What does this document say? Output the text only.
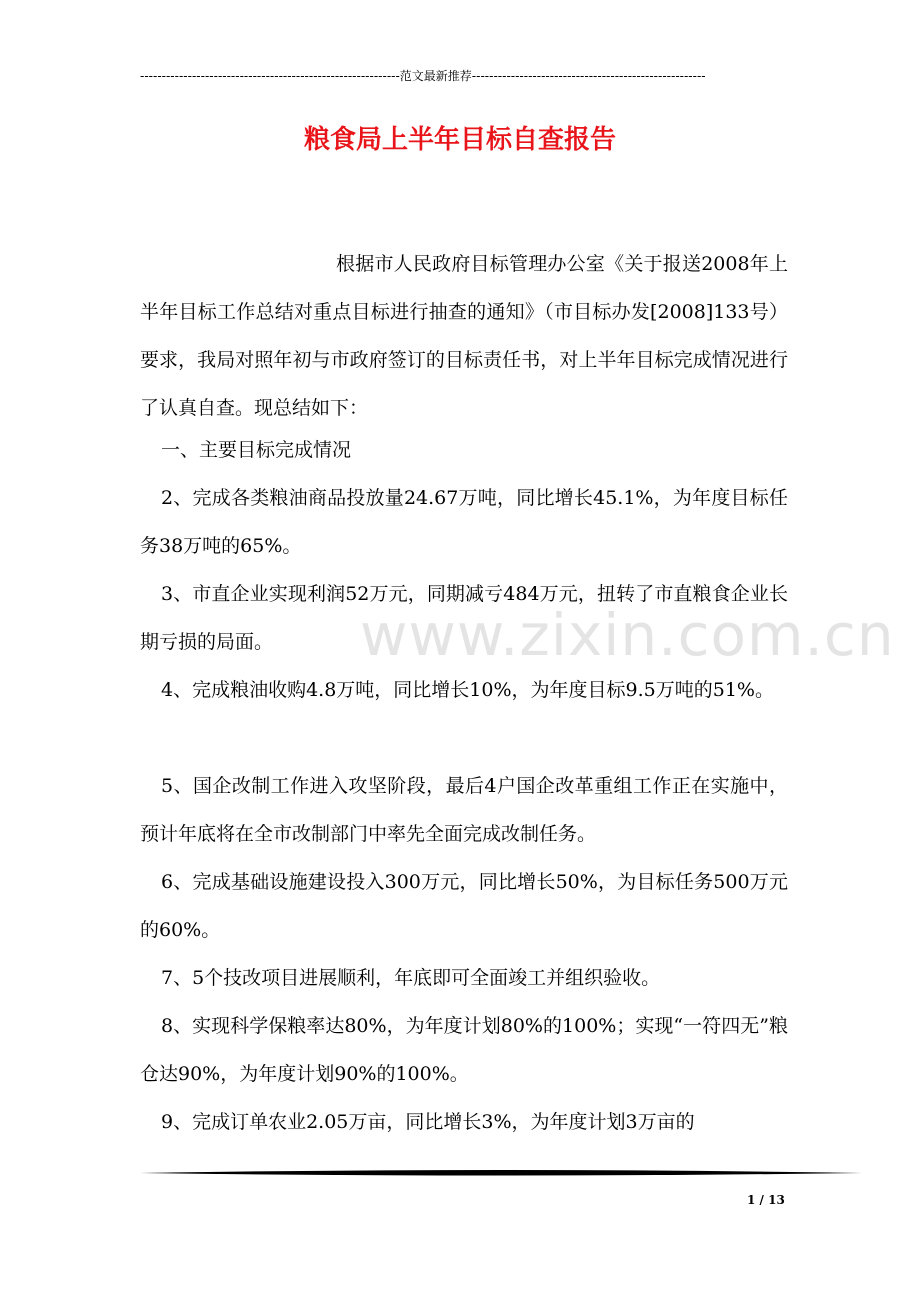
------------------------------------------------------------范文最新推荐------------------------------------------------------
粮食局上半年目标自查报告
根据市人民政府目标管理办公室《关于报送2008年上半年目标工作总结对重点目标进行抽查的通知》（市目标办发[2008]133号）要求，我局对照年初与市政府签订的目标责任书，对上半年目标完成情况进行了认真自查。现总结如下：
一、主要目标完成情况
2、完成各类粮油商品投放量24.67万吨，同比增长45.1%，为年度目标任务38万吨的65%。
3、市直企业实现利润52万元，同期减亏484万元，扭转了市直粮食企业长期亏损的局面。
4、完成粮油收购4.8万吨，同比增长10%，为年度目标9.5万吨的51%。
5、国企改制工作进入攻坚阶段，最后4户国企改革重组工作正在实施中，预计年底将在全市改制部门中率先全面完成改制任务。
6、完成基础设施建设投入300万元，同比增长50%，为目标任务500万元的60%。
7、5个技改项目进展顺利，年底即可全面竣工并组织验收。
8、实现科学保粮率达80%，为年度计划80%的100%；实现“一符四无”粮仓达90%，为年度计划90%的100%。
9、完成订单农业2.05万亩，同比增长3%，为年度计划3万亩的
www.zixin.com.cn
1 / 13
